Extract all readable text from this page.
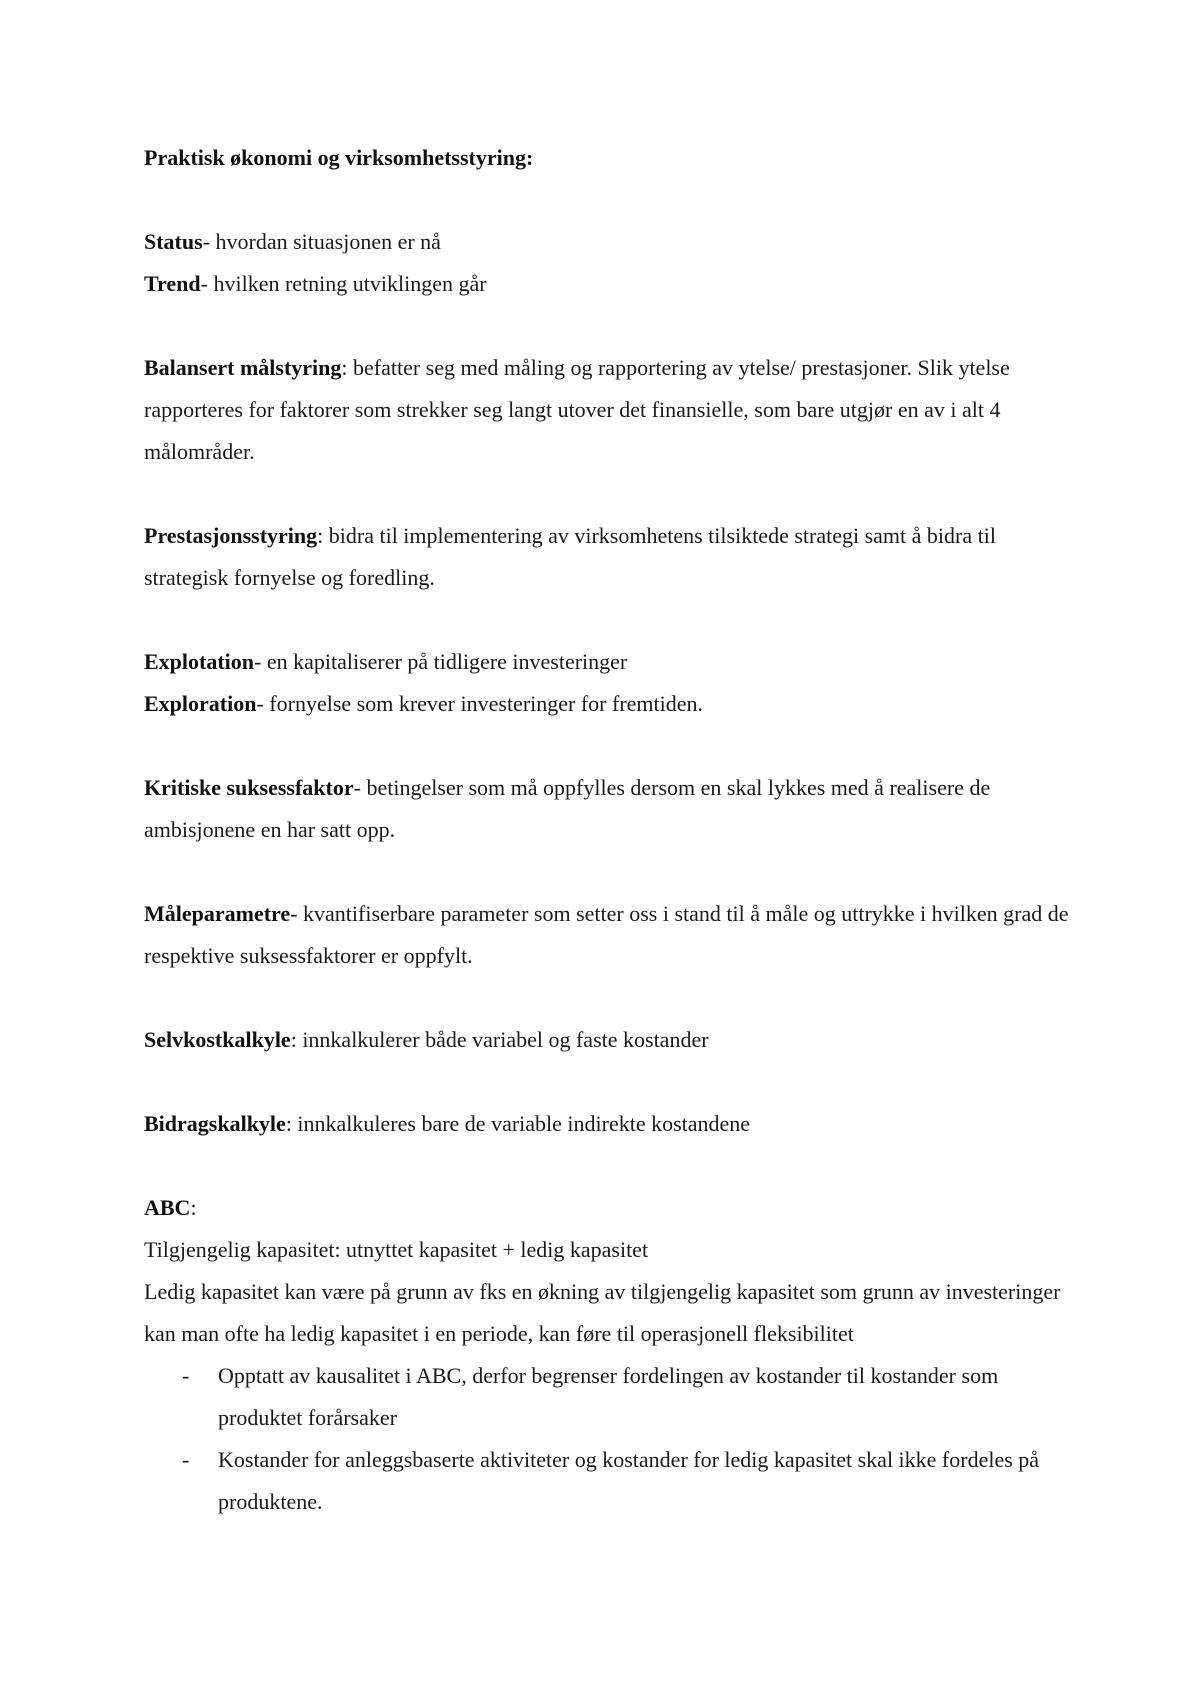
Praktisk økonomi og virksomhetsstyring:

Status- hvordan situasjonen er nå

Trend- hvilken retning utviklingen går

Balansert målstyring: befatter seg med måling og rapportering av ytelse/ prestasjoner. Slik ytelse rapporteres for faktorer som strekker seg langt utover det finansielle, som bare utgjør en av i alt 4 målområder.

Prestasjonsstyring: bidra til implementering av virksomhetens tilsiktede strategi samt å bidra til strategisk fornyelse og foredling.

Explotation- en kapitaliserer på tidligere investeringer

Exploration- fornyelse som krever investeringer for fremtiden.

Kritiske suksessfaktor- betingelser som må oppfylles dersom en skal lykkes med å realisere de ambisjonene en har satt opp.

Måleparametre- kvantifiserbare parameter som setter oss i stand til å måle og uttrykke i hvilken grad de respektive suksessfaktorer er oppfylt.

Selvkostkalkyle: innkalkulerer både variabel og faste kostander

Bidragskalkyle: innkalkuleres bare de variable indirekte kostandene

ABC:

Tilgjengelig kapasitet: utnyttet kapasitet + ledig kapasitet

Ledig kapasitet kan være på grunn av fks en økning av tilgjengelig kapasitet som grunn av investeringer kan man ofte ha ledig kapasitet i en periode, kan føre til operasjonell fleksibilitet

- Opptatt av kausalitet i ABC, derfor begrenser fordelingen av kostander til kostander som produktet forårsaker
- Kostander for anleggsbaserte aktiviteter og kostander for ledig kapasitet skal ikke fordeles på produktene.
